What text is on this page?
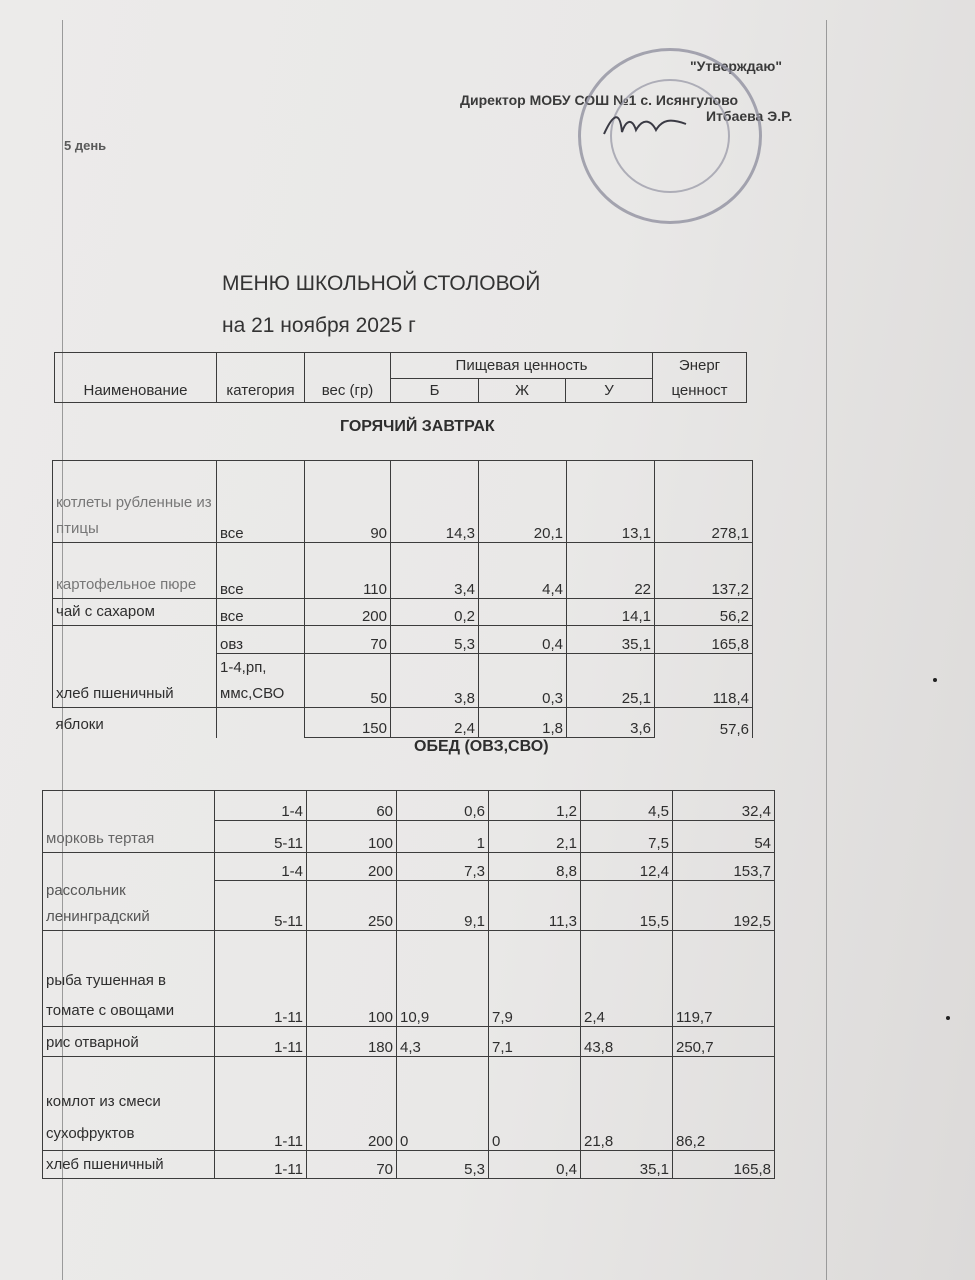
"Утверждаю"
Директор МОБУ СОШ №1 с. Исянгулово
Итбаева Э.Р.
5 день
МЕНЮ ШКОЛЬНОЙ СТОЛОВОЙ
на 21 ноября 2025 г
Наименование	категория	вес (гр)	Пищевая ценность			Энерг
			Б	Ж	У	ценност
ГОРЯЧИЙ ЗАВТРАК
котлеты рубленные из птицы	все	90	14,3	20,1	13,1	278,1
картофельное пюре	все	110	3,4	4,4	22	137,2
чай с сахаром	все	200	0,2		14,1	56,2
хлеб пшеничный	овз	70	5,3	0,4	35,1	165,8
	1-4,рп, ммс,СВО	50	3,8	0,3	25,1	118,4
яблоки		150	2,4	1,8	3,6	57,6
ОБЕД (ОВЗ,СВО)
морковь тертая	1-4	60	0,6	1,2	4,5	32,4
	5-11	100	1	2,1	7,5	54
рассольник ленинградский	1-4	200	7,3	8,8	12,4	153,7
	5-11	250	9,1	11,3	15,5	192,5
рыба тушенная в томате с овощами	1-11	100	10,9	7,9	2,4	119,7
рис отварной	1-11	180	4,3	7,1	43,8	250,7
комлот из смеси сухофруктов	1-11	200	0	0	21,8	86,2
хлеб пшеничный	1-11	70	5,3	0,4	35,1	165,8
